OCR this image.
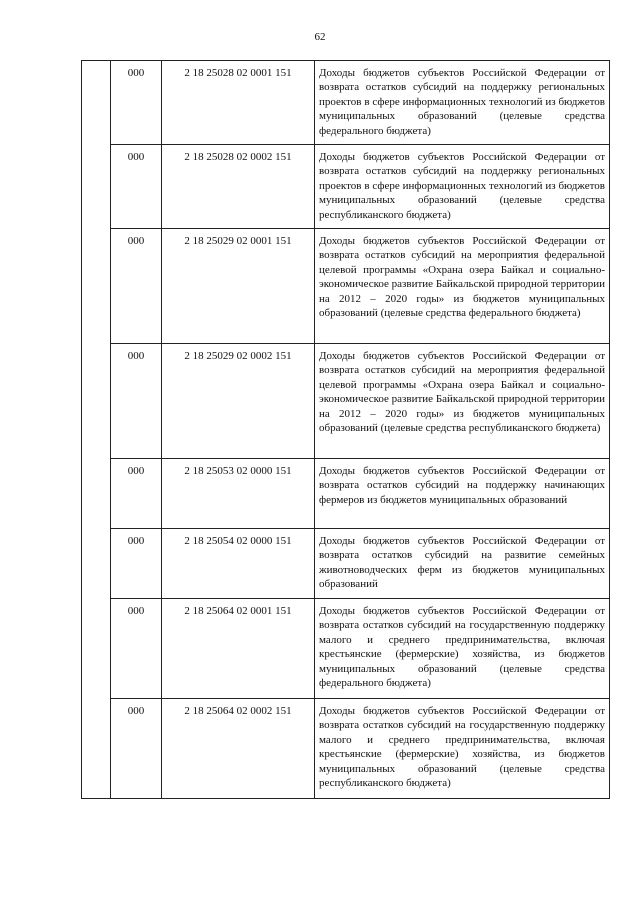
62
	000	2 18 25028 02 0001 151	Доходы бюджетов субъектов Российской Федерации от возврата остатков субсидий на поддержку региональных проектов в сфере информационных технологий из бюджетов муниципальных образований (целевые средства федерального бюджета)
	000	2 18 25028 02 0002 151	Доходы бюджетов субъектов Российской Федерации от возврата остатков субсидий на поддержку региональных проектов в сфере информационных технологий из бюджетов муниципальных образований (целевые средства республиканского бюджета)
	000	2 18 25029 02 0001 151	Доходы бюджетов субъектов Российской Федерации от возврата остатков субсидий на мероприятия федеральной целевой программы «Охрана озера Байкал и социально-экономическое развитие Байкальской природной территории на 2012 – 2020 годы» из бюджетов муниципальных образований (целевые средства федерального бюджета)
	000	2 18 25029 02 0002 151	Доходы бюджетов субъектов Российской Федерации от возврата остатков субсидий на мероприятия федеральной целевой программы «Охрана озера Байкал и социально-экономическое развитие Байкальской природной территории на 2012 – 2020 годы» из бюджетов муниципальных образований (целевые средства республиканского бюджета)
	000	2 18 25053 02 0000 151	Доходы бюджетов субъектов Российской Федерации от возврата остатков субсидий на поддержку начинающих фермеров из бюджетов муниципальных образований
	000	2 18 25054 02 0000 151	Доходы бюджетов субъектов Российской Федерации от возврата остатков субсидий на развитие семейных животноводческих ферм из бюджетов муниципальных образований
	000	2 18 25064 02 0001 151	Доходы бюджетов субъектов Российской Федерации от возврата остатков субсидий на государственную поддержку малого и среднего предпринимательства, включая крестьянские (фермерские) хозяйства, из бюджетов муниципальных образований (целевые средства федерального бюджета)
	000	2 18 25064 02 0002 151	Доходы бюджетов субъектов Российской Федерации от возврата остатков субсидий на государственную поддержку малого и среднего предпринимательства, включая крестьянские (фермерские) хозяйства, из бюджетов муниципальных образований (целевые средства республиканского бюджета)
